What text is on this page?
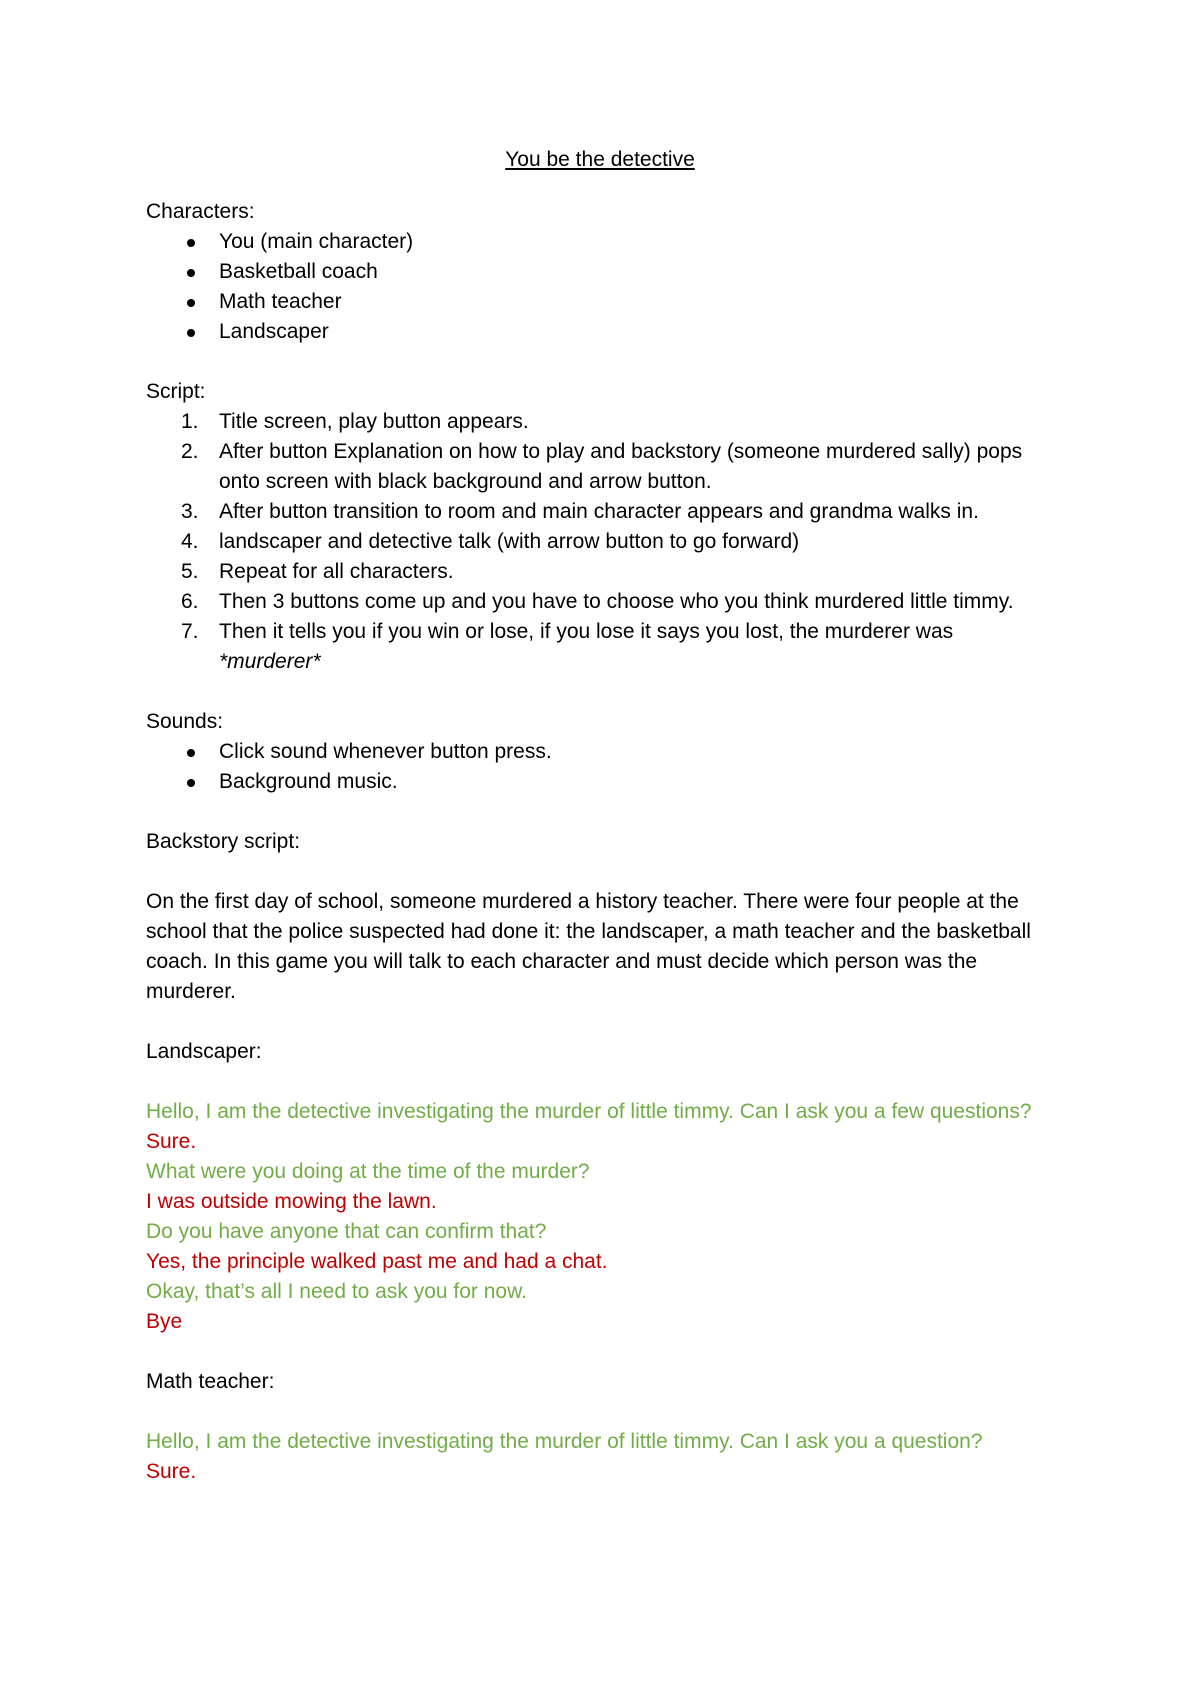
You be the detective
Characters:
You (main character)
Basketball coach
Math teacher
Landscaper
Script:
1. Title screen, play button appears.
2. After button Explanation on how to play and backstory (someone murdered sally) pops onto screen with black background and arrow button.
3. After button transition to room and main character appears and grandma walks in.
4. landscaper and detective talk (with arrow button to go forward)
5. Repeat for all characters.
6. Then 3 buttons come up and you have to choose who you think murdered little timmy.
7. Then it tells you if you win or lose, if you lose it says you lost, the murderer was
*murderer*
Sounds:
Click sound whenever button press.
Background music.
Backstory script:

On the first day of school, someone murdered a history teacher. There were four people at the school that the police suspected had done it: the landscaper, a math teacher and the basketball coach. In this game you will talk to each character and must decide which person was the murderer.

Landscaper:

Hello, I am the detective investigating the murder of little timmy. Can I ask you a few questions?

Sure.

What were you doing at the time of the murder?

I was outside mowing the lawn.

Do you have anyone that can confirm that?

Yes, the principle walked past me and had a chat.

Okay, that’s all I need to ask you for now.

Bye

Math teacher:

Hello, I am the detective investigating the murder of little timmy. Can I ask you a question?

Sure.
